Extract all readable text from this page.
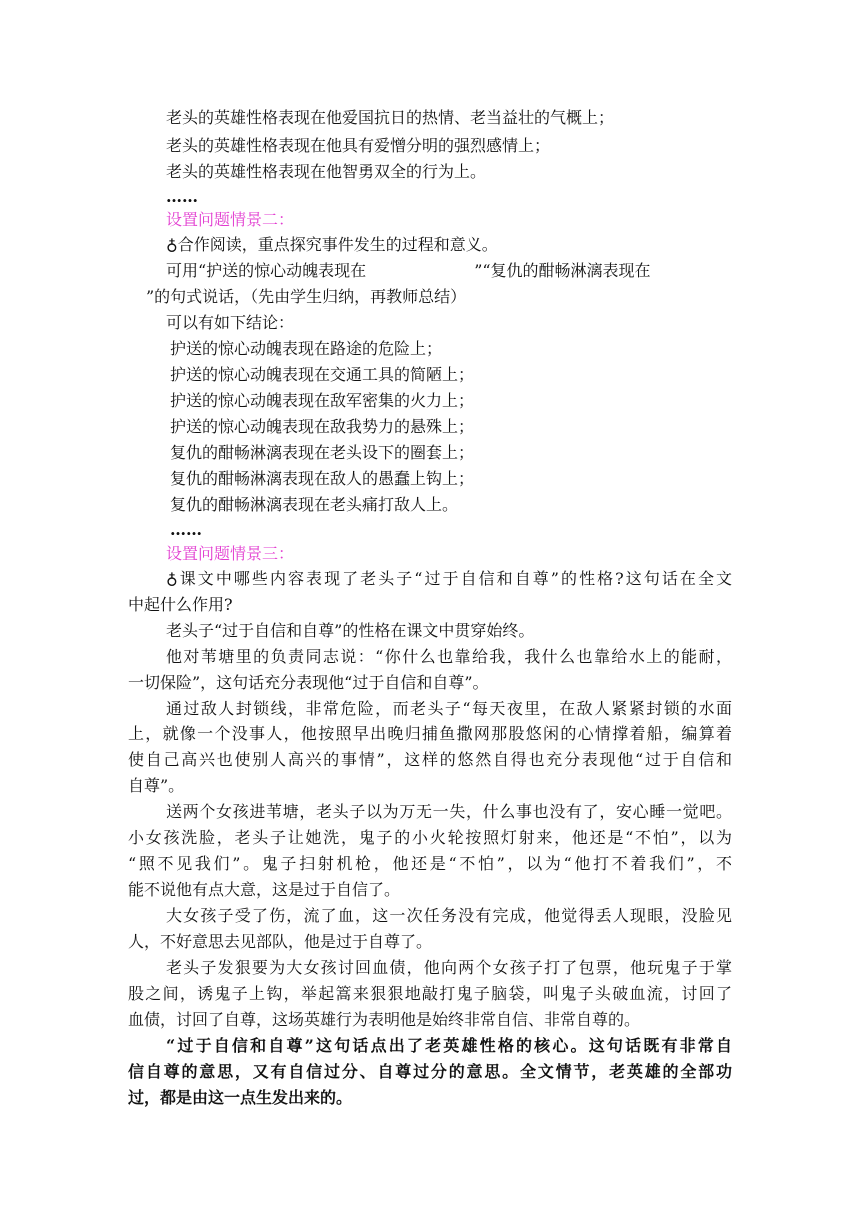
老头的英雄性格表现在他爱国抗日的热情、老当益壮的气概上；
老头的英雄性格表现在他具有爱憎分明的强烈感情上；
老头的英雄性格表现在他智勇双全的行为上。
……
设置问题情景二：
♁合作阅读，重点探究事件发生的过程和意义。
可用“护送的惊心动魄表现在	”“复仇的酣畅淋漓表现在
”的句式说话，（先由学生归纳，再教师总结）
可以有如下结论：
护送的惊心动魄表现在路途的危险上；
护送的惊心动魄表现在交通工具的简陋上；
护送的惊心动魄表现在敌军密集的火力上；
护送的惊心动魄表现在敌我势力的悬殊上；
复仇的酣畅淋漓表现在老头设下的圈套上；
复仇的酣畅淋漓表现在敌人的愚蠢上钩上；
复仇的酣畅淋漓表现在老头痛打敌人上。
……
设置问题情景三：
♁课文中哪些内容表现了老头子“过于自信和自尊”的性格?这句话在全文
中起什么作用?
老头子“过于自信和自尊”的性格在课文中贯穿始终。
他对苇塘里的负责同志说：“你什么也靠给我，我什么也靠给水上的能耐，
一切保险”，这句话充分表现他“过于自信和自尊”。
通过敌人封锁线，非常危险，而老头子“每天夜里，在敌人紧紧封锁的水面
上，就像一个没事人，他按照早出晚归捕鱼撒网那股悠闲的心情撑着船，编算着
使自己高兴也使别人高兴的事情”，这样的悠然自得也充分表现他“过于自信和
自尊”。
送两个女孩进苇塘，老头子以为万无一失，什么事也没有了，安心睡一觉吧。
小女孩洗脸，老头子让她洗，鬼子的小火轮按照灯射来，他还是“不怕”，以为
“照不见我们”。鬼子扫射机枪，他还是“不怕”，以为“他打不着我们”，不
能不说他有点大意，这是过于自信了。
大女孩子受了伤，流了血，这一次任务没有完成，他觉得丢人现眼，没脸见
人，不好意思去见部队，他是过于自尊了。
老头子发狠要为大女孩讨回血债，他向两个女孩子打了包票，他玩鬼子于掌
股之间，诱鬼子上钩，举起篙来狠狠地敲打鬼子脑袋，叫鬼子头破血流，讨回了
血债，讨回了自尊，这场英雄行为表明他是始终非常自信、非常自尊的。
“过于自信和自尊”这句话点出了老英雄性格的核心。这句话既有非常自
信自尊的意思，又有自信过分、自尊过分的意思。全文情节，老英雄的全部功
过，都是由这一点生发出来的。
